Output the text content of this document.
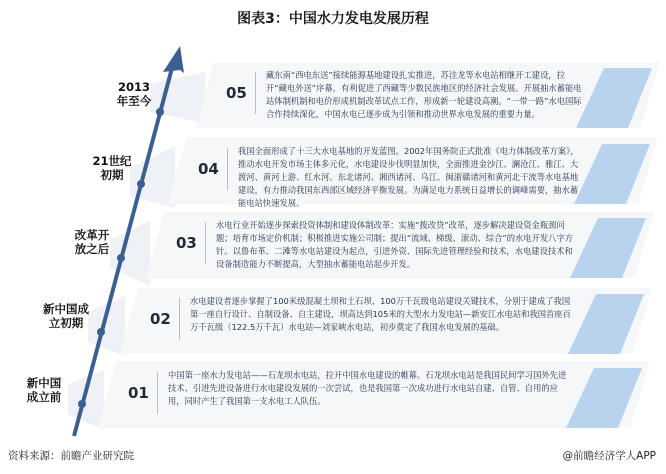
图表3：中国水力发电发展历程
2013
年至今
21世纪
初期
改革开
放之后
新中国成
立初期
新中国
成立前
05
藏东南“西电东送”接续能源基地建设扎实推进，苏洼龙等水电站相继开工建设，拉开“藏电外送”序幕，有利促进了西藏等少数民族地区的经济社会发展。开展抽水蓄能电站体制机制和电价形成机制改革试点工作，形成新一轮建设高潮。“一带一路”水电国际合作持续深化，中国水电已逐步成为引领和推动世界水电发展的重要力量。
04
我国全面形成了十三大水电基地的开发蓝图。2002年国务院正式批准《电力体制改革方案》，推动水电开发市场主体多元化，水电建设步伐明显加快，全面推进金沙江、澜沧江、雅江、大渡河、黄河上游、红水河、东北诸河、湘西诸河、乌江、闽浙赣诸河和黄河北干流等水电基地建设，有力推动我国东西部区域经济平衡发展。为满足电力系统日益增长的调峰需要，抽水蓄能电站快速发展。
03
水电行业开始逐步探索投资体制和建设体制改革：实施“拨改贷”改革，逐步解决建设资金瓶颈问题；培育市场定价机制；积极推进实施公司制；提出“流域、梯级、滚动、综合”的水电开发八字方针。以鲁布革、二滩等水电站建设为起点，引进外资、国际先进管理经验和技术，水电建设技术和设备制造能力不断提高，大型抽水蓄能电站起步开发。
02
水电建设者逐步掌握了100米级混凝土坝和土石坝、100万千瓦级电站建设关键技术，分别于建成了我国第一座自行设计、自制设备、自主建设，坝高达到105米的大型水力发电站—新安江水电站和我国首座百万千瓦级（122.5万千瓦）水电站—刘家峡水电站，初步奠定了我国水电发展的基础。
01
中国第一座水力发电站——石龙坝水电站，拉开中国水电建设的帷幕。石龙坝水电站是我国民间学习国外先进技术、引进先进设备进行水电建设发展的一次尝试，也是我国第一次成功进行水电站自建、自管、自用的应用，同时产生了我国第一支水电工人队伍。
资料来源：前瞻产业研究院	@前瞻经济学人APP
